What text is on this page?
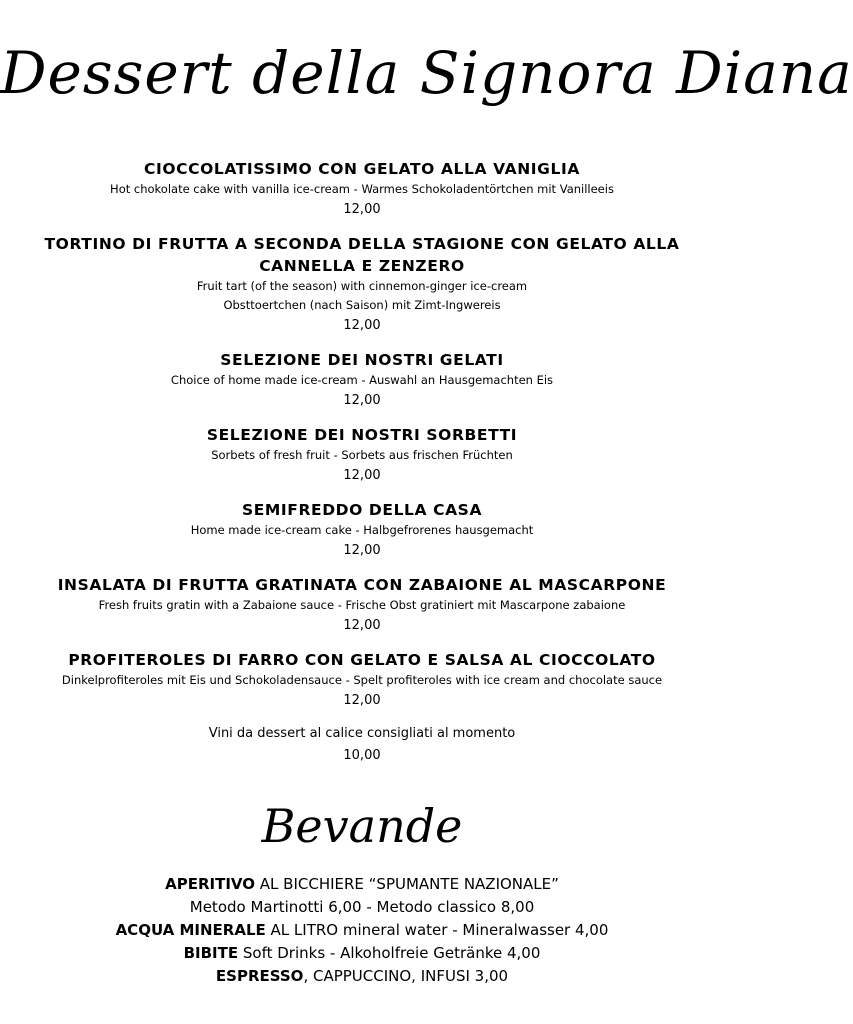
Dessert della Signora Diana
CIOCCOLATISSIMO CON GELATO ALLA VANIGLIA
Hot chokolate cake with vanilla ice-cream - Warmes Schokoladentörtchen mit Vanilleeis
12,00
TORTINO DI FRUTTA A SECONDA DELLA STAGIONE CON GELATO ALLA CANNELLA E ZENZERO
Fruit tart (of the season) with cinnemon-ginger ice-cream
Obsttoertchen (nach Saison) mit Zimt-Ingwereis
12,00
SELEZIONE DEI NOSTRI GELATI
Choice of home made ice-cream - Auswahl an Hausgemachten Eis
12,00
SELEZIONE DEI NOSTRI SORBETTI
Sorbets of fresh fruit - Sorbets aus frischen Früchten
12,00
SEMIFREDDO DELLA CASA
Home made ice-cream cake - Halbgefrorenes hausgemacht
12,00
INSALATA DI FRUTTA GRATINATA CON ZABAIONE AL MASCARPONE
Fresh fruits gratin with a Zabaione sauce - Frische Obst gratiniert mit Mascarpone zabaione
12,00
PROFITEROLES DI FARRO CON GELATO E SALSA AL CIOCCOLATO
Dinkelprofiteroles mit Eis und Schokoladensauce - Spelt profiteroles with ice cream and chocolate sauce
12,00
Vini da dessert al calice consigliati al momento
10,00
Bevande
APERITIVO AL BICCHIERE “SPUMANTE NAZIONALE”
Metodo Martinotti 6,00 - Metodo classico 8,00
ACQUA MINERALE AL LITRO mineral water - Mineralwasser 4,00
BIBITE Soft Drinks - Alkoholfreie Getränke 4,00
ESPRESSO, CAPPUCCINO, INFUSI 3,00
